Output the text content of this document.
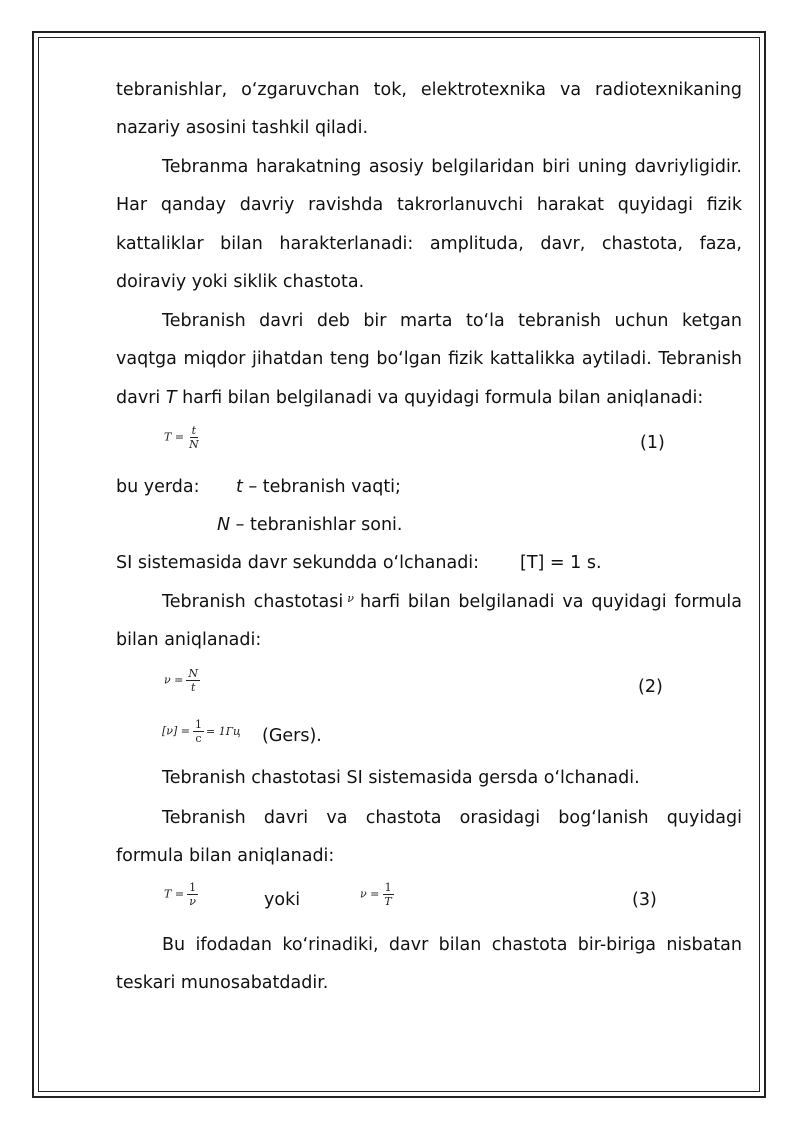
tebranishlar, o‘zgaruvchan tok, elektrotexnika va radiotexnikaning
nazariy asosini tashkil qiladi.
Tebranma harakatning asosiy belgilaridan biri uning davriyligidir.
Har qanday davriy ravishda takrorlanuvchi harakat quyidagi fizik
kattaliklar bilan harakterlanadi: amplituda, davr, chastota, faza,
doiraviy yoki siklik chastota.
Tebranish davri deb bir marta to‘la tebranish uchun ketgan
vaqtga miqdor jihatdan teng bo‘lgan fizik kattalikka aytiladi. Tebranish
davri T harfi bilan belgilanadi va quyidagi formula bilan aniqlanadi:
$T = \frac{t}{N}$	(1)
bu yerda: t – tebranish vaqti;
N – tebranishlar soni.
SI sistemasida davr sekundda o‘lchanadi: [T] = 1 s.
Tebranish chastotasi $^\nu$ harfi bilan belgilanadi va quyidagi formula
bilan aniqlanadi:
$\nu = \frac{N}{t}$	(2)
$[\nu] = \frac{1}{c} = 1Гц$ (Gers).
Tebranish chastotasi SI sistemasida gersda o‘lchanadi.
Tebranish davri va chastota orasidagi bog‘lanish quyidagi
formula bilan aniqlanadi:
$T = \frac{1}{\nu}$	yoki	$\nu = \frac{1}{T}$	(3)
Bu ifodadan ko‘rinadiki, davr bilan chastota bir-biriga nisbatan
teskari munosabatdadir.
